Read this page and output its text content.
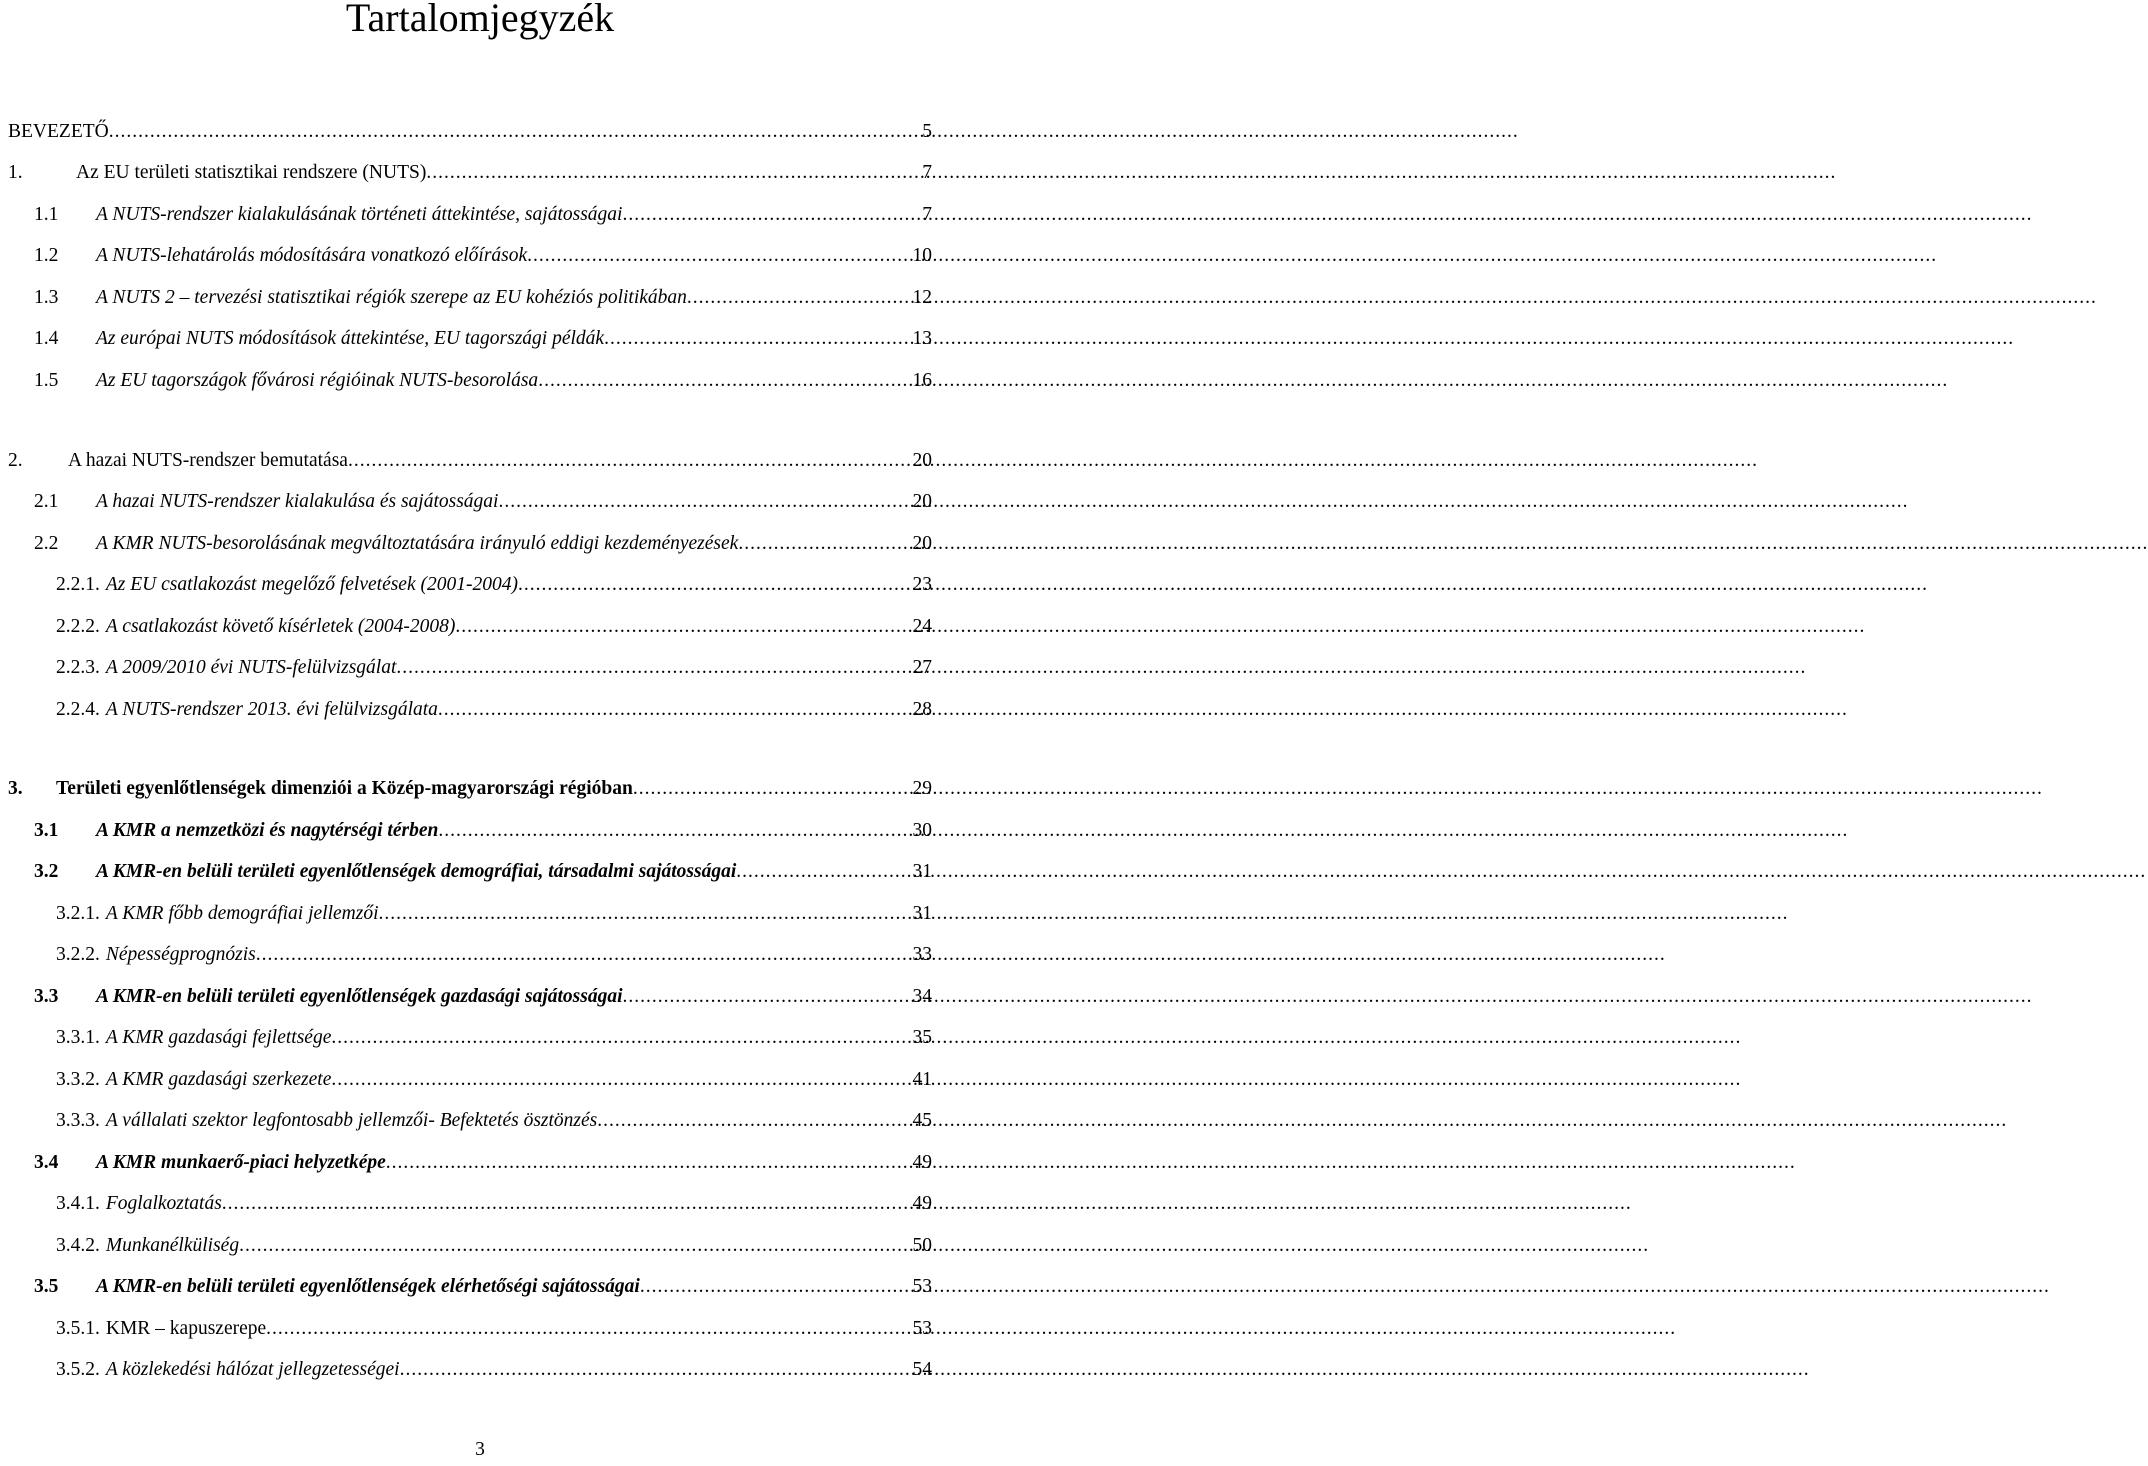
Tartalomjegyzék
BEVEZETŐ .....	5
1.	Az EU területi statisztikai rendszere (NUTS) .....	7
1.1	A NUTS-rendszer kialakulásának történeti áttekintése, sajátosságai .....	7
1.2	A NUTS-lehatárolás módosítására vonatkozó előírások .....	10
1.3	A NUTS 2 – tervezési statisztikai régiók szerepe az EU kohéziós politikában .....	12
1.4	Az európai NUTS módosítások áttekintése, EU tagországi példák .....	13
1.5	Az EU tagországok fővárosi régióinak NUTS-besorolása .....	16
2.	A hazai NUTS-rendszer bemutatása .....	20
2.1	A hazai NUTS-rendszer kialakulása és sajátosságai .....	20
2.2	A KMR NUTS-besorolásának megváltoztatására irányuló eddigi kezdeményezések .....	20
2.2.1. Az EU csatlakozást megelőző felvetések (2001-2004) .....	23
2.2.2. A csatlakozást követő kísérletek (2004-2008) .....	24
2.2.3. A 2009/2010 évi NUTS-felülvizsgálat .....	27
2.2.4. A NUTS-rendszer 2013. évi felülvizsgálata .....	28
3.	Területi egyenlőtlenségek dimenziói a Közép-magyarországi régióban .....	29
3.1	A KMR a nemzetközi és nagytérségi térben .....	30
3.2	A KMR-en belüli területi egyenlőtlenségek demográfiai, társadalmi sajátosságai .....	31
3.2.1. A KMR főbb demográfiai jellemzői .....	31
3.2.2. Népességprognózis .....	33
3.3	A KMR-en belüli területi egyenlőtlenségek gazdasági sajátosságai .....	34
3.3.1. A KMR gazdasági fejlettsége .....	35
3.3.2. A KMR gazdasági szerkezete .....	41
3.3.3. A vállalati szektor legfontosabb jellemzői- Befektetés ösztönzés .....	45
3.4	A KMR munkaerő-piaci helyzetképe .....	49
3.4.1. Foglalkoztatás .....	49
3.4.2. Munkanélküliség .....	50
3.5	A KMR-en belüli területi egyenlőtlenségek elérhetőségi sajátosságai .....	53
3.5.1. KMR – kapuszerepe .....	53
3.5.2. A közlekedési hálózat jellegzetességei .....	54
3
